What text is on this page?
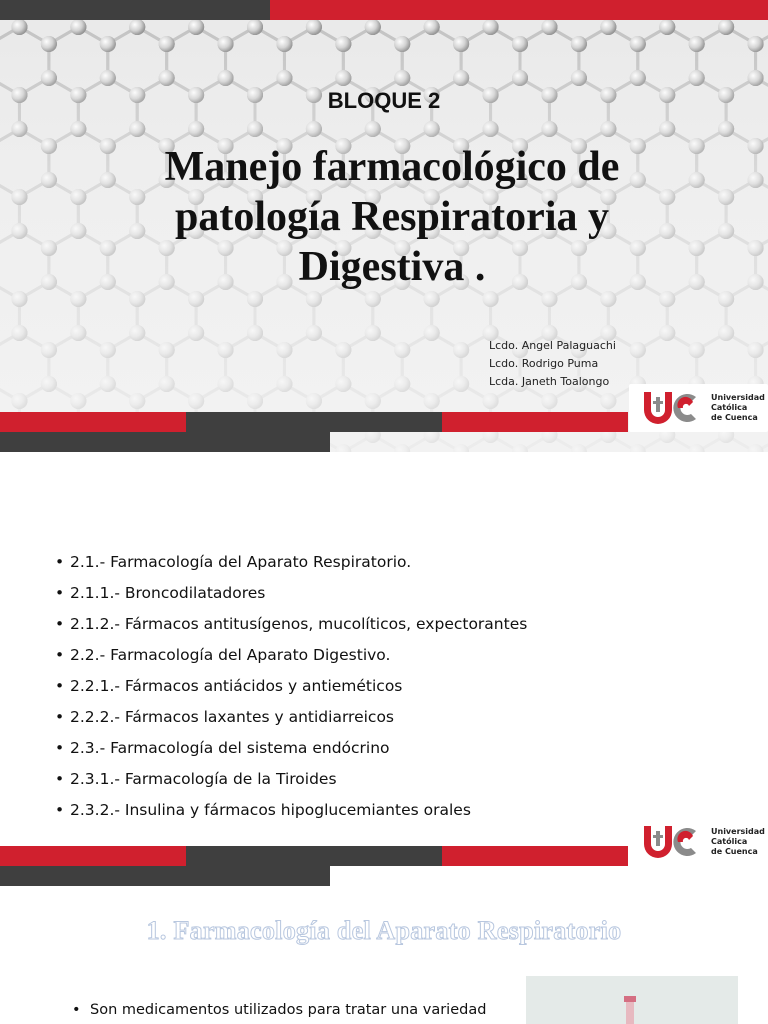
BLOQUE 2
Manejo farmacológico de
patología Respiratoria y
Digestiva .
Lcdo. Angel Palaguachi
Lcdo. Rodrigo Puma
Lcda. Janeth Toalongo
Universidad
Católica
de Cuenca
• 2.1.- Farmacología del Aparato Respiratorio.
• 2.1.1.- Broncodilatadores
• 2.1.2.- Fármacos antitusígenos, mucolíticos, expectorantes
• 2.2.- Farmacología del Aparato Digestivo.
• 2.2.1.- Fármacos antiácidos y antieméticos
• 2.2.2.- Fármacos laxantes y antidiarreicos
• 2.3.- Farmacología del sistema endócrino
• 2.3.1.- Farmacología de la Tiroides
• 2.3.2.- Insulina y fármacos hipoglucemiantes orales
Universidad
Católica
de Cuenca
1. Farmacología del Aparato Respiratorio
• Son medicamentos utilizados para tratar una variedad
